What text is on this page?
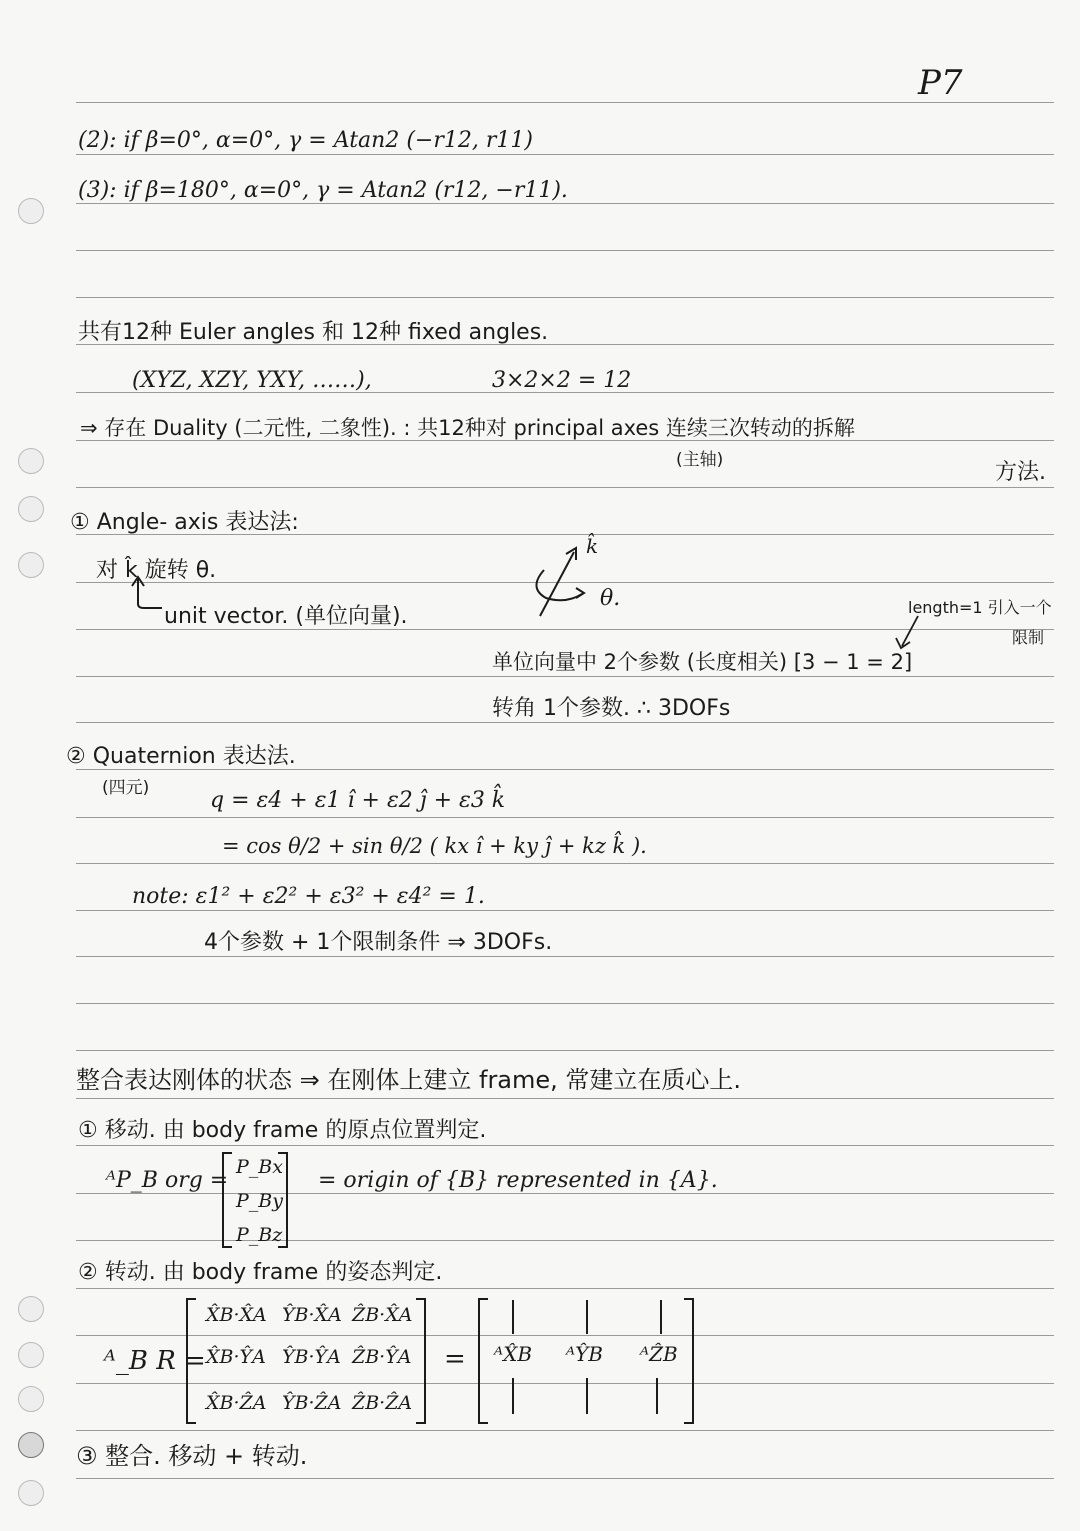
P7
(2): if β=0°, α=0°, γ = Atan2 (−r12, r11)
(3): if β=180°, α=0°, γ = Atan2 (r12, −r11).
共有12种 Euler angles 和 12种 fixed angles.
(XYZ, XZY, YXY, ……),	3×2×2 = 12
⇒ 存在 Duality (二元性, 二象性). : 共12种对 principal axes 连续三次转动的拆解
(主轴)	方法.
① Angle- axis 表达法:
对 k̂ 旋转 θ.
unit vector. (单位向量).
k̂
θ.	length=1 引入一个
限制
单位向量中 2个参数 (长度相关) [3 − 1 = 2]
转角 1个参数. ∴ 3DOFs
② Quaternion 表达法.
(四元)	q = ε4 + ε1 î + ε2 ĵ + ε3 k̂
= cos θ/2 + sin θ/2 ( kx î + ky ĵ + kz k̂ ).
note: ε1² + ε2² + ε3² + ε4² = 1.
4个参数 + 1个限制条件 ⇒ 3DOFs.
整合表达刚体的状态 ⇒ 在刚体上建立 frame, 常建立在质心上.
① 移动. 由 body frame 的原点位置判定.
ᴬP_B org =
P_Bx
P_By
P_Bz
= origin of {B} represented in {A}.
② 转动. 由 body frame 的姿态判定.
ᴬ_B R =
X̂B·X̂A ŶB·X̂A ẐB·X̂A
X̂B·ŶA ŶB·ŶA ẐB·ŶA
X̂B·ẐA ŶB·ẐA ẐB·ẐA
= ᴬX̂B ᴬŶB ᴬẐB
③ 整合. 移动 + 转动.
